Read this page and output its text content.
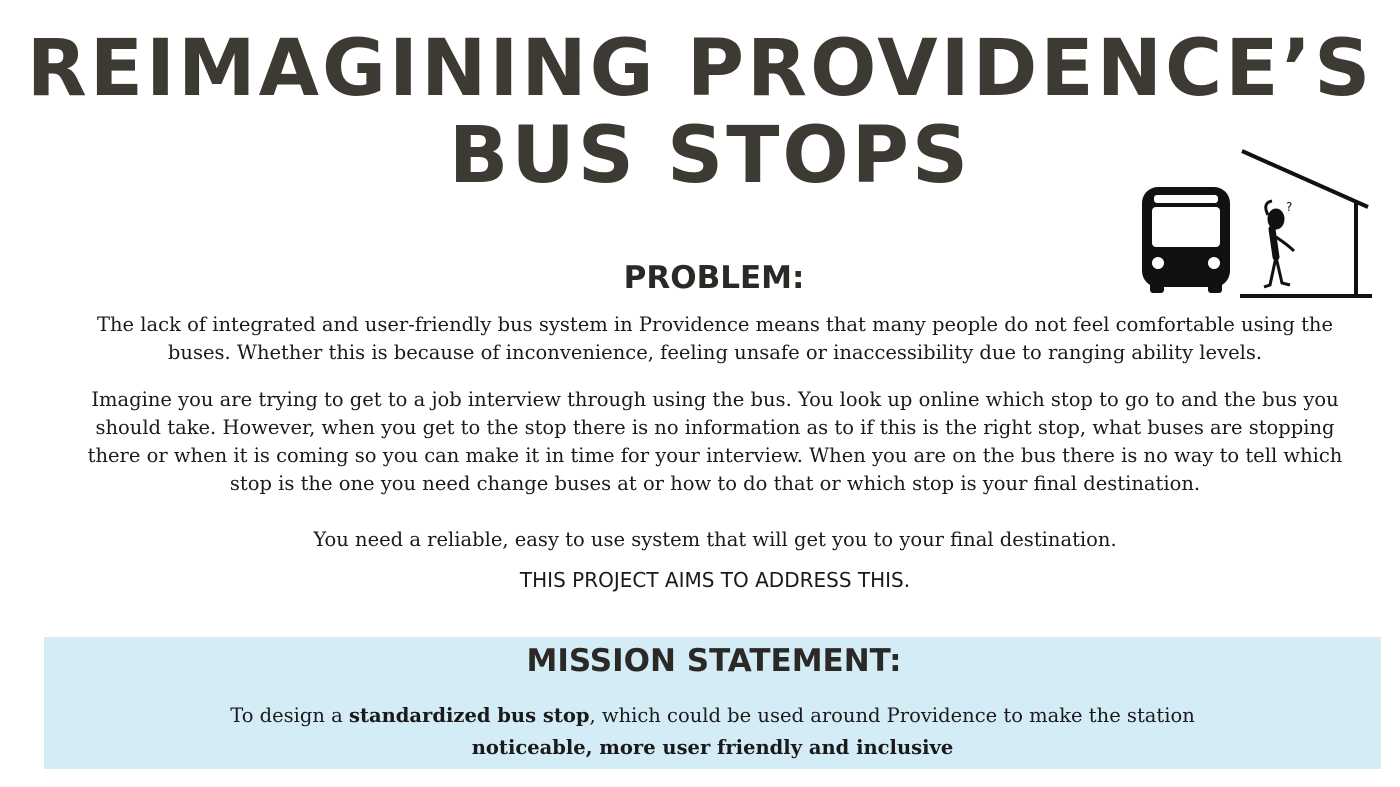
REIMAGINING PROVIDENCE’S
BUS STOPS
?
PROBLEM:

The lack of integrated and user-friendly bus system in Providence means that many people do not feel comfortable using the buses. Whether this is because of inconvenience, feeling unsafe or inaccessibility due to ranging ability levels.

Imagine you are trying to get to a job interview through using the bus. You look up online which stop to go to and the bus you should take. However, when you get to the stop there is no information as to if this is the right stop, what buses are stopping there or when it is coming so you can make it in time for your interview. When you are on the bus there is no way to tell which stop is the one you need change buses at or how to do that or which stop is your final destination.

You need a reliable, easy to use system that will get you to your final destination.

THIS PROJECT AIMS TO ADDRESS THIS.

MISSION STATEMENT:

To design a standardized bus stop, which could be used around Providence to make the station
noticeable, more user friendly and inclusive
